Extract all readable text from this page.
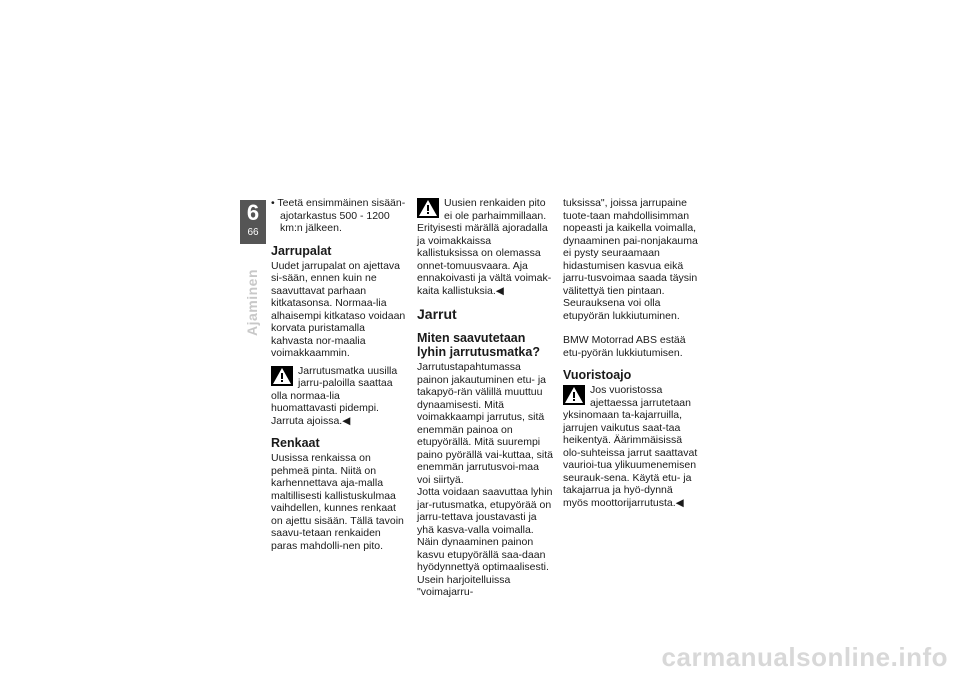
6
66
Ajaminen

• Teetä ensimmäinen sisään-ajotarkastus 500 - 1200 km:n jälkeen.

Jarrupalat

Uudet jarrupalat on ajettava si-sään, ennen kuin ne saavuttavat parhaan kitkatasonsa. Normaa-lia alhaisempi kitkataso voidaan korvata puristamalla kahvasta nor-maalia voimakkaammin.

Jarrutusmatka uusilla jarru-paloilla saattaa olla normaa-lia huomattavasti pidempi. Jarruta ajoissa.◀

Renkaat

Uusissa renkaissa on pehmeä pinta. Niitä on karhennettava aja-malla maltillisesti kallistuskulmaa vaihdellen, kunnes renkaat on ajettu sisään. Tällä tavoin saavu-tetaan renkaiden paras mahdolli-nen pito.

Uusien renkaiden pito ei ole parhaimmillaan. Erityisesti märällä ajoradalla ja voimakkaissa kallistuksissa on olemassa onnet-tomuusvaara. Aja ennakoivasti ja vältä voimak-kaita kallistuksia.◀

Jarrut
Miten saavutetaan lyhin jarrutusmatka?

Jarrutustapahtumassa painon jakautuminen etu- ja takapyö-rän välillä muuttuu dynaamisesti. Mitä voimakkaampi jarrutus, sitä enemmän painoa on etupyörällä. Mitä suurempi paino pyörällä vai-kuttaa, sitä enemmän jarrutusvoi-maa voi siirtyä.

Jotta voidaan saavuttaa lyhin jar-rutusmatka, etupyörää on jarru-tettava joustavasti ja yhä kasva-valla voimalla. Näin dynaaminen painon kasvu etupyörällä saa-daan hyödynnettyä optimaalisesti. Usein harjoitelluissa "voimajarru-

tuksissa", joissa jarrupaine tuote-taan mahdollisimman nopeasti ja kaikella voimalla, dynaaminen pai-nonjakauma ei pysty seuraamaan hidastumisen kasvua eikä jarru-tusvoimaa saada täysin välitettyä tien pintaan. Seurauksena voi olla etupyörän lukkiutuminen.

BMW Motorrad ABS estää etu-pyörän lukkiutumisen.

Vuoristoajo

Jos vuoristossa ajettaessa jarrutetaan yksinomaan ta-kajarruilla, jarrujen vaikutus saat-taa heikentyä. Äärimmäisissä olo-suhteissa jarrut saattavat vaurioi-tua ylikuumenemisen seurauk-sena. Käytä etu- ja takajarrua ja hyö-dynnä myös moottorijarrutusta.◀

carmanualsonline.info
